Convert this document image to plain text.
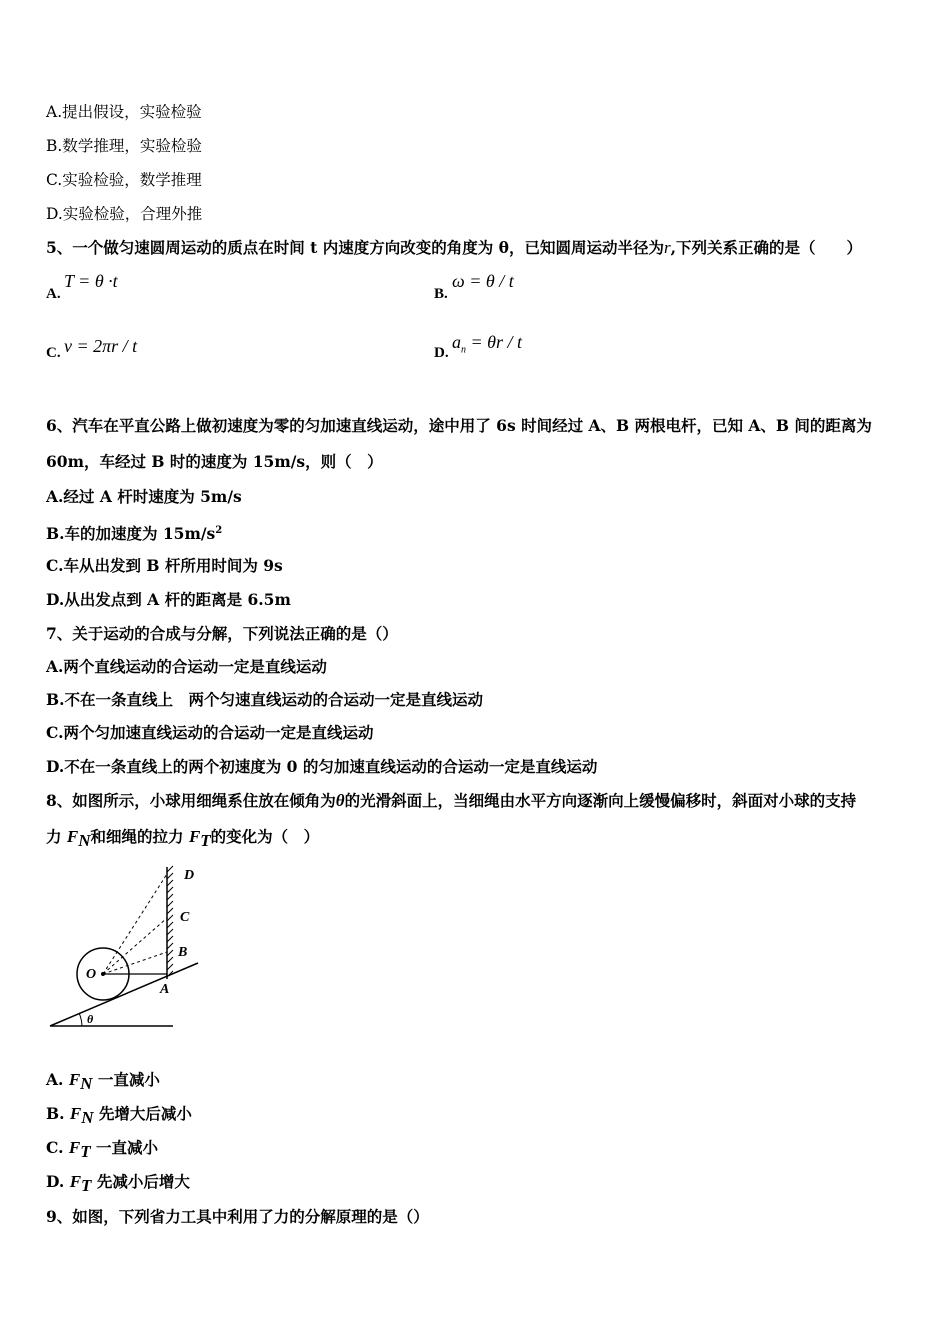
A.提出假设，实验检验
B.数学推理，实验检验
C.实验检验，数学推理
D.实验检验，合理外推
5、一个做匀速圆周运动的质点在时间 t 内速度方向改变的角度为 θ，已知圆周运动半径为r,下列关系正确的是（　　）
A.
T = θ ·t
B.
ω = θ / t
C. v = 2πr / t	D.
$a_n = \theta r / t$
6、汽车在平直公路上做初速度为零的匀加速直线运动，途中用了 6s 时间经过 A、B 两根电杆，已知 A、B 间的距离为
60m，车经过 B 时的速度为 15m/s，则（　）
A.经过 A 杆时速度为 5m/s
B.车的加速度为 $15m/s^2$
C.车从出发到 B 杆所用时间为 9s
D.从出发点到 A 杆的距离是 6.5m
7、关于运动的合成与分解，下列说法正确的是（）
A.两个直线运动的合运动一定是直线运动
B.不在一条直线上　两个匀速直线运动的合运动一定是直线运动
C.两个匀加速直线运动的合运动一定是直线运动
D.不在一条直线上的两个初速度为 0 的匀加速直线运动的合运动一定是直线运动
8、如图所示，小球用细绳系住放在倾角为θ的光滑斜面上，当细绳由水平方向逐渐向上缓慢偏移时，斜面对小球的支持
力 $F_N$和细绳的拉力 $F_T$的变化为（　）
D
C
B
A
O
θ
A. $F_N$ 一直减小
B. $F_N$ 先增大后减小
C. $F_T$ 一直减小
D. $F_T$ 先减小后增大
9、如图，下列省力工具中利用了力的分解原理的是（）
